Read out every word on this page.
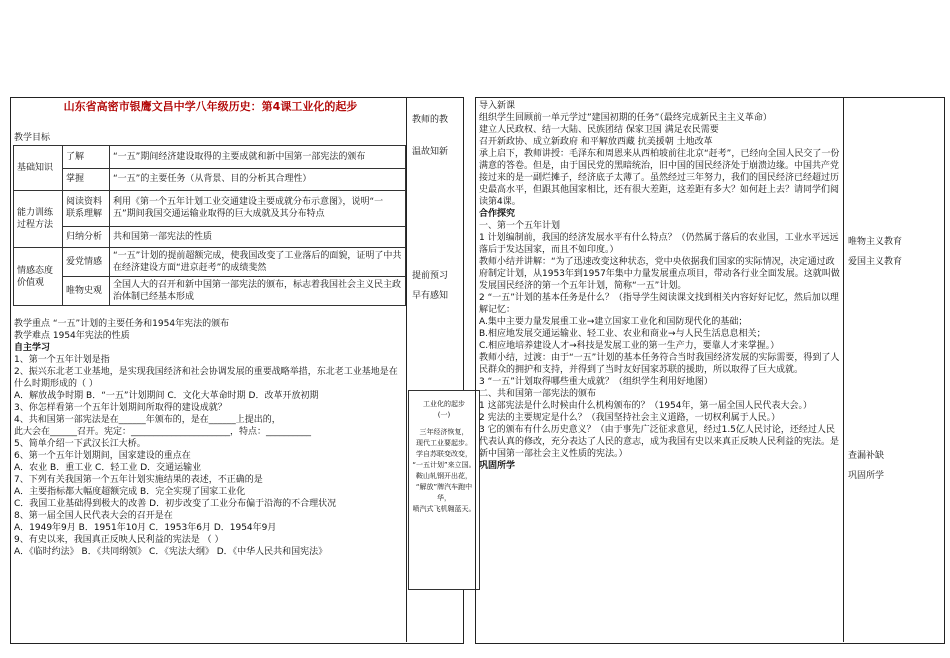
山东省高密市银鹰文昌中学八年级历史：第4课工业化的起步
教师的教
温故知新
提前预习
早有感知
教学目标
基础知识	了解	“一五”期间经济建设取得的主要成就和新中国第一部宪法的颁布
	掌握	“一五”的主要任务（从背景、目的分析其合理性）
能力训练过程方法	阅读资料联系理解	利用《第一个五年计划工业交通建设主要成就分布示意图》，说明“一五”期间我国交通运输业取得的巨大成就及其分布特点
	归纳分析	共和国第一部宪法的性质
情感态度价值观	爱党情感	“一五”计划的提前超额完成，使我国改变了工业落后的面貌，证明了中共在经济建设方面“进京赶考”的成绩斐然
	唯物史观	全国人大的召开和新中国第一部宪法的颁布，标志着我国社会主义民主政治体制已经基本形成

教学重点 “一五”计划的主要任务和1954年宪法的颁布

教学难点 1954年宪法的性质

自主学习

1、第一个五年计划是指

2、振兴东北老工业基地，是实现我国经济和社会协调发展的重要战略举措，东北老工业基地是在什么时期形成的（ ）

A．解放战争时期 B．“一五”计划期间 C．文化大革命时期 D．改革开放初期

3、你怎样看第一个五年计划期间所取得的建设成就？

4、共和国第一部宪法是在______年颁布的，是在______上提出的，

此大会在______召开。宪定：______________________，特点：__________

5、简单介绍一下武汉长江大桥。

6、第一个五年计划期间，国家建设的重点在

A．农业 B．重工业 C．轻工业 D．交通运输业

7、下列有关我国第一个五年计划实施结果的表述，不正确的是

A．主要指标都大幅度超额完成 B．完全实现了国家工业化

C．我国工业基础得到极大的改善 D．初步改变了工业分布偏于沿海的不合理状况

8、第一届全国人民代表大会的召开是在

A．1949年9月 B．1951年10月 C．1953年6月 D．1954年9月

9、有史以来，我国真正反映人民利益的宪法是 （ ）

A．《临时约法》 B．《共同纲领》 C．《宪法大纲》 D．《中华人民共和国宪法》

工业化的起步
(一)
三年经济恢复，
现代工业要起步。
学自苏联变改变，
“一五计划”来立国。
鞍山轧钢开出花，
“解放”牌汽车跑中华，
喷汽式飞机翱蓝天。

导入新课

组织学生回顾前一单元学过”建国初期的任务”（最终完成新民主主义革命）

建立人民政权、结一大陆、民族团结 保家卫国 满足农民需要

召开新政协、成立新政府 和平解放西藏 抗美援朝 土地改革

承上启下，教师讲授：毛泽东和周恩来从西柏坡前往北京“赶考”，已经向全国人民交了一份满意的答卷。但是，由于国民党的黑暗统治，旧中国的国民经济处于崩溃边缘。中国共产党接过来的是一副烂摊子，经济底子太薄了。虽然经过三年努力，我们的国民经济已经超过历史最高水平，但跟其他国家相比，还有很大差距，这差距有多大？如何赶上去？请同学们阅读第4课。

合作探究

一、第一个五年计划

1 计划编制前，我国的经济发展水平有什么特点？（仍然属于落后的农业国，工业水平远远落后于发达国家，而且不如印度。）

教师小结并讲解：“为了迅速改变这种状态，党中央依据我们国家的实际情况，决定通过政府制定计划，从1953年到1957年集中力量发展重点项目，带动各行业全面发展。这就叫做发展国民经济的第一个五年计划，简称“一五”计划。

2 “一五”计划的基本任务是什么？（指导学生阅读课文找到相关内容好好记忆，然后加以理解记忆：

A.集中主要力量发展重工业→建立国家工业化和国防现代化的基础；

B.相应地发展交通运输业、轻工业、农业和商业→与人民生活息息相关；

C.相应地培养建设人才→科技是发展工业的第一生产力，要靠人才来掌握。）

教师小结，过渡：由于“一五”计划的基本任务符合当时我国经济发展的实际需要，得到了人民群众的拥护和支持，并得到了当时友好国家苏联的援助，所以取得了巨大成就。

3 “一五”计划取得哪些重大成就？（组织学生利用好地图）

二、共和国第一部宪法的颁布

1 这部宪法是什么时候由什么机构颁布的？（1954年，第一届全国人民代表大会。）

2 宪法的主要规定是什么？（我国坚持社会主义道路，一切权利属于人民。）

3 它的颁布有什么历史意义？（由于事先广泛征求意见，经过1.5亿人民讨论，还经过人民代表认真的修改，充分表达了人民的意志，成为我国有史以来真正反映人民利益的宪法。是新中国第一部社会主义性质的宪法。）

巩固所学

唯物主义教育
爱国主义教育
查漏补缺
巩固所学
